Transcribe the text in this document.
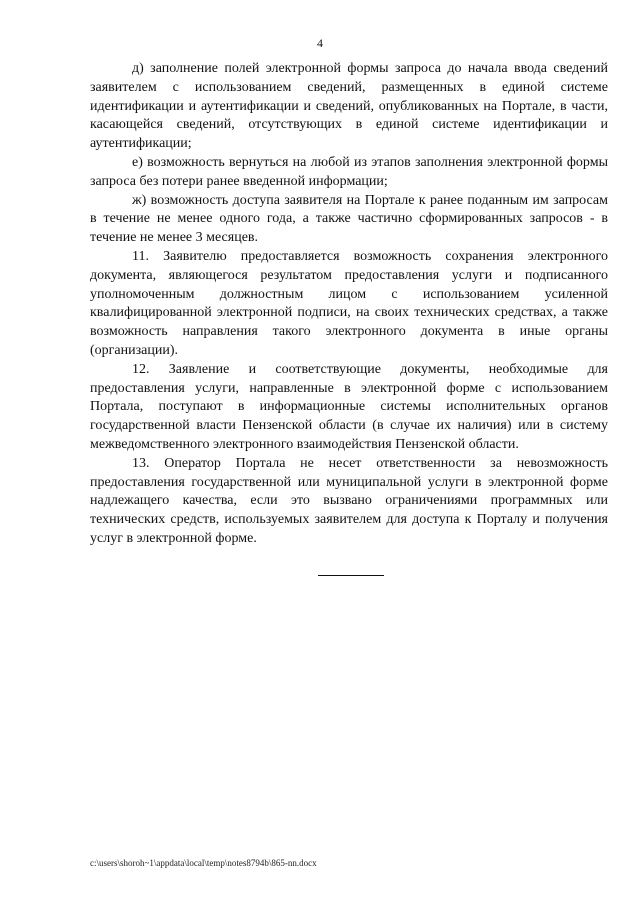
4

д) заполнение полей электронной формы запроса до начала ввода сведений заявителем с использованием сведений, размещенных в единой системе идентификации и аутентификации и сведений, опубликованных на Портале, в части, касающейся сведений, отсутствующих в единой системе идентификации и аутентификации;

е) возможность вернуться на любой из этапов заполнения электронной формы запроса без потери ранее введенной информации;

ж) возможность доступа заявителя на Портале к ранее поданным им запросам в течение не менее одного года, а также частично сформированных запросов - в течение не менее 3 месяцев.

11. Заявителю предоставляется возможность сохранения электронного документа, являющегося результатом предоставления услуги и подписанного уполномоченным должностным лицом с использованием усиленной квалифицированной электронной подписи, на своих технических средствах, а также возможность направления такого электронного документа в иные органы (организации).

12. Заявление и соответствующие документы, необходимые для предоставления услуги, направленные в электронной форме с использованием Портала, поступают в информационные системы исполнительных органов государственной власти Пензенской области (в случае их наличия) или в систему межведомственного электронного взаимодействия Пензенской области.

13. Оператор Портала не несет ответственности за невозможность предоставления государственной или муниципальной услуги в электронной форме надлежащего качества, если это вызвано ограничениями программных или технических средств, используемых заявителем для доступа к Порталу и получения услуг в электронной форме.

c:\users\shoroh~1\appdata\local\temp\notes8794b\865-nn.docx
